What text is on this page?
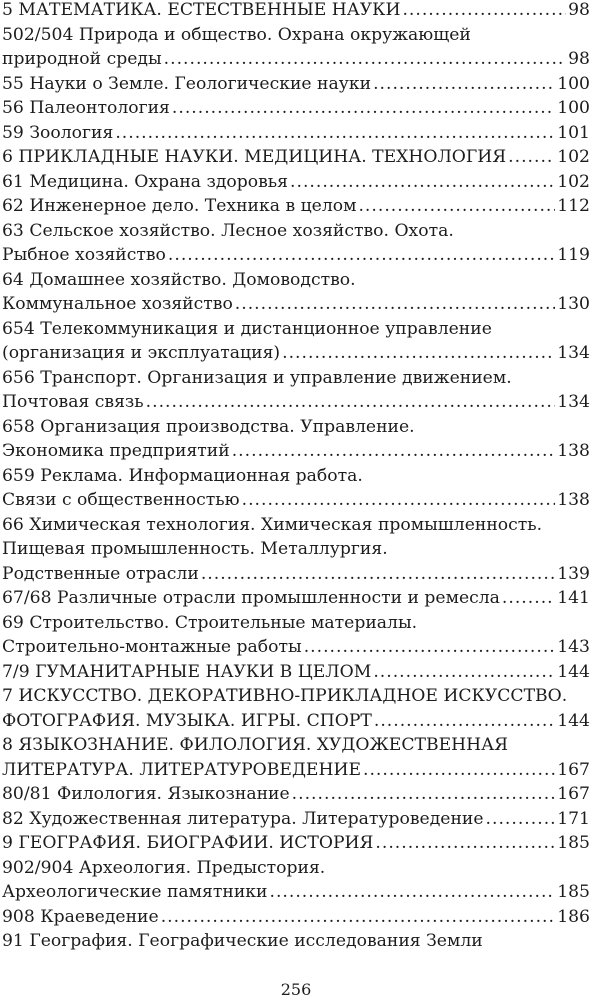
5 МАТЕМАТИКА. ЕСТЕСТВЕННЫЕ НАУКИ .....	98
502/504 Природа и общество. Охрана окружающей
природной среды .....	98
55 Науки о Земле. Геологические науки .....	100
56 Палеонтология .....	100
59 Зоология .....	101
6 ПРИКЛАДНЫЕ НАУКИ. МЕДИЦИНА. ТЕХНОЛОГИЯ .....	102
61 Медицина. Охрана здоровья .....	102
62 Инженерное дело. Техника в целом .....	112
63 Сельское хозяйство. Лесное хозяйство. Охота.
Рыбное хозяйство .....	119
64 Домашнее хозяйство. Домоводство.
Коммунальное хозяйство .....	130
654 Телекоммуникация и дистанционное управление
(организация и эксплуатация) .....	134
656 Транспорт. Организация и управление движением.
Почтовая связь .....	134
658 Организация производства. Управление.
Экономика предприятий .....	138
659 Реклама. Информационная работа.
Связи с общественностью .....	138
66 Химическая технология. Химическая промышленность.
Пищевая промышленность. Металлургия.
Родственные отрасли .....	139
67/68 Различные отрасли промышленности и ремесла .....	141
69 Строительство. Строительные материалы.
Строительно-монтажные работы .....	143
7/9 ГУМАНИТАРНЫЕ НАУКИ В ЦЕЛОМ .....	144
7 ИСКУССТВО. ДЕКОРАТИВНО-ПРИКЛАДНОЕ ИСКУССТВО.
ФОТОГРАФИЯ. МУЗЫКА. ИГРЫ. СПОРТ .....	144
8 ЯЗЫКОЗНАНИЕ. ФИЛОЛОГИЯ. ХУДОЖЕСТВЕННАЯ
ЛИТЕРАТУРА. ЛИТЕРАТУРОВЕДЕНИЕ .....	167
80/81 Филология. Языкознание .....	167
82 Художественная литература. Литературоведение .....	171
9 ГЕОГРАФИЯ. БИОГРАФИИ. ИСТОРИЯ .....	185
902/904 Археология. Предыстория.
Археологические памятники .....	185
908 Краеведение .....	186
91 География. Географические исследования Земли
256
